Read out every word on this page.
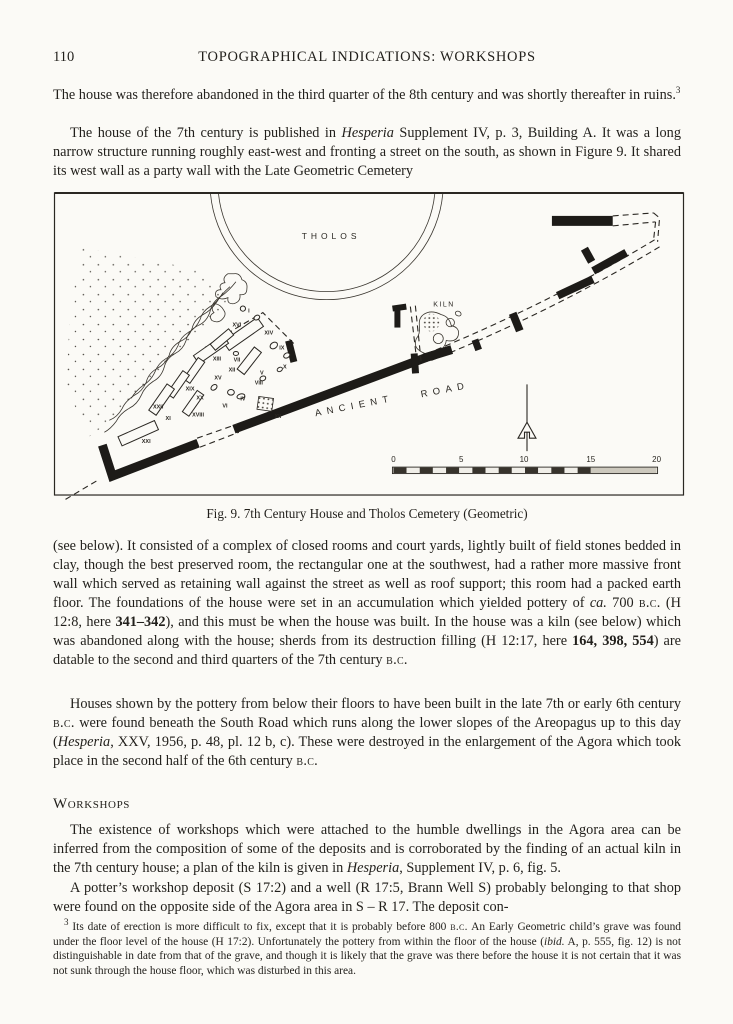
110	TOPOGRAPHICAL INDICATIONS: WORKSHOPS
The house was therefore abandoned in the third quarter of the 8th century and was shortly thereafter in ruins.$^3$
The house of the 7th century is published in Hesperia Supplement IV, p. 3, Building A. It was a long narrow structure running roughly east-west and fronting a street on the south, as shown in Figure 9. It shared its west wall as a party wall with the Late Geometric Cemetery
THOLOS
KILN
I
XVI
XIV
IX
XIII VII
X
XII	V
XV
VIII
XIX
XX	IV
VI
XXII
XVIII
XI	XII
XXI
ANCIENT
ROAD
0	5	10	15	20
Fig. 9. 7th Century House and Tholos Cemetery (Geometric)
(see below). It consisted of a complex of closed rooms and court yards, lightly built of field stones bedded in clay, though the best preserved room, the rectangular one at the southwest, had a rather more massive front wall which served as retaining wall against the street as well as roof support; this room had a packed earth floor. The foundations of the house were set in an accumulation which yielded pottery of ca. 700 b.c. (H 12:8, here 341–342), and this must be when the house was built. In the house was a kiln (see below) which was abandoned along with the house; sherds from its destruction filling (H 12:17, here 164, 398, 554) are datable to the second and third quarters of the 7th century b.c.
Houses shown by the pottery from below their floors to have been built in the late 7th or early 6th century b.c. were found beneath the South Road which runs along the lower slopes of the Areopagus up to this day (Hesperia, XXV, 1956, p. 48, pl. 12 b, c). These were destroyed in the enlargement of the Agora which took place in the second half of the 6th century b.c.
Workshops
The existence of workshops which were attached to the humble dwellings in the Agora area can be inferred from the composition of some of the deposits and is corroborated by the finding of an actual kiln in the 7th century house; a plan of the kiln is given in Hesperia, Supplement IV, p. 6, fig. 5.
A potter’s workshop deposit (S 17:2) and a well (R 17:5, Brann Well S) probably belonging to that shop were found on the opposite side of the Agora area in S – R 17. The deposit con-
$^3$ Its date of erection is more difficult to fix, except that it is probably before 800 b.c. An Early Geometric child’s grave was found under the floor level of the house (H 17:2). Unfortunately the pottery from within the floor of the house (ibid. A, p. 555, fig. 12) is not distinguishable in date from that of the grave, and though it is likely that the grave was there before the house it is not certain that it was not sunk through the house floor, which was disturbed in this area.
